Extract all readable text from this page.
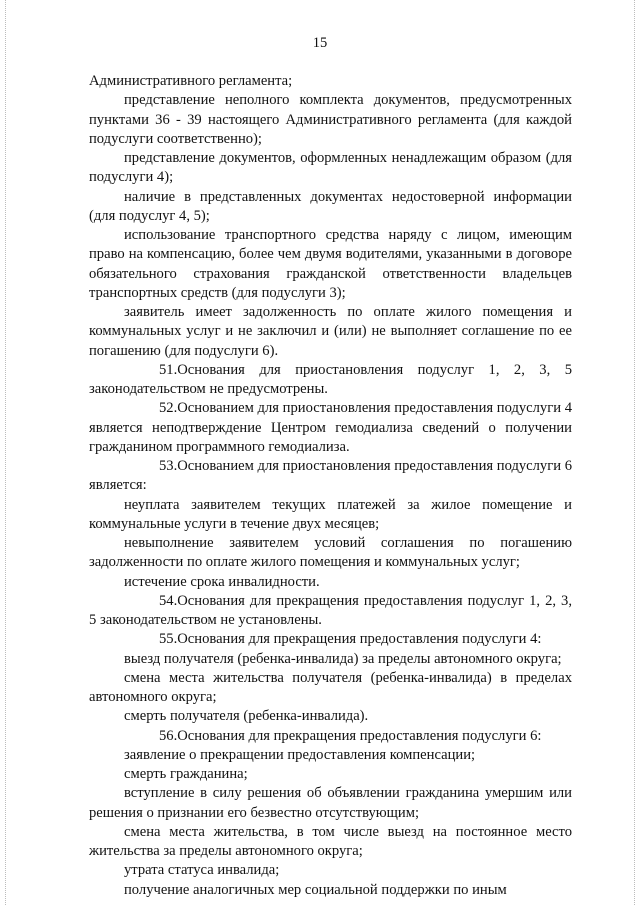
15

Административного регламента;

представление неполного комплекта документов, предусмотренных пунктами 36 - 39 настоящего Административного регламента (для каждой подуслуги соответственно);

представление документов, оформленных ненадлежащим образом (для подуслуги 4);

наличие в представленных документах недостоверной информации (для подуслуг 4, 5);

использование транспортного средства наряду с лицом, имеющим право на компенсацию, более чем двумя водителями, указанными в договоре обязательного страхования гражданской ответственности владельцев транспортных средств (для подуслуги 3);

заявитель имеет задолженность по оплате жилого помещения и коммунальных услуг и не заключил и (или) не выполняет соглашение по ее погашению (для подуслуги 6).

51.Основания для приостановления подуслуг 1, 2, 3, 5 законодательством не предусмотрены.

52.Основанием для приостановления предоставления подуслуги 4 является неподтверждение Центром гемодиализа сведений о получении гражданином программного гемодиализа.

53.Основанием для приостановления предоставления подуслуги 6 является:

неуплата заявителем текущих платежей за жилое помещение и коммунальные услуги в течение двух месяцев;

невыполнение заявителем условий соглашения по погашению задолженности по оплате жилого помещения и коммунальных услуг;

истечение срока инвалидности.

54.Основания для прекращения предоставления подуслуг 1, 2, 3, 5 законодательством не установлены.

55.Основания для прекращения предоставления подуслуги 4:

выезд получателя (ребенка-инвалида) за пределы автономного округа;

смена места жительства получателя (ребенка-инвалида) в пределах автономного округа;

смерть получателя (ребенка-инвалида).

56.Основания для прекращения предоставления подуслуги 6:

заявление о прекращении предоставления компенсации;

смерть гражданина;

вступление в силу решения об объявлении гражданина умершим или решения о признании его безвестно отсутствующим;

смена места жительства, в том числе выезд на постоянное место жительства за пределы автономного округа;

утрата статуса инвалида;

получение аналогичных мер социальной поддержки по иным
